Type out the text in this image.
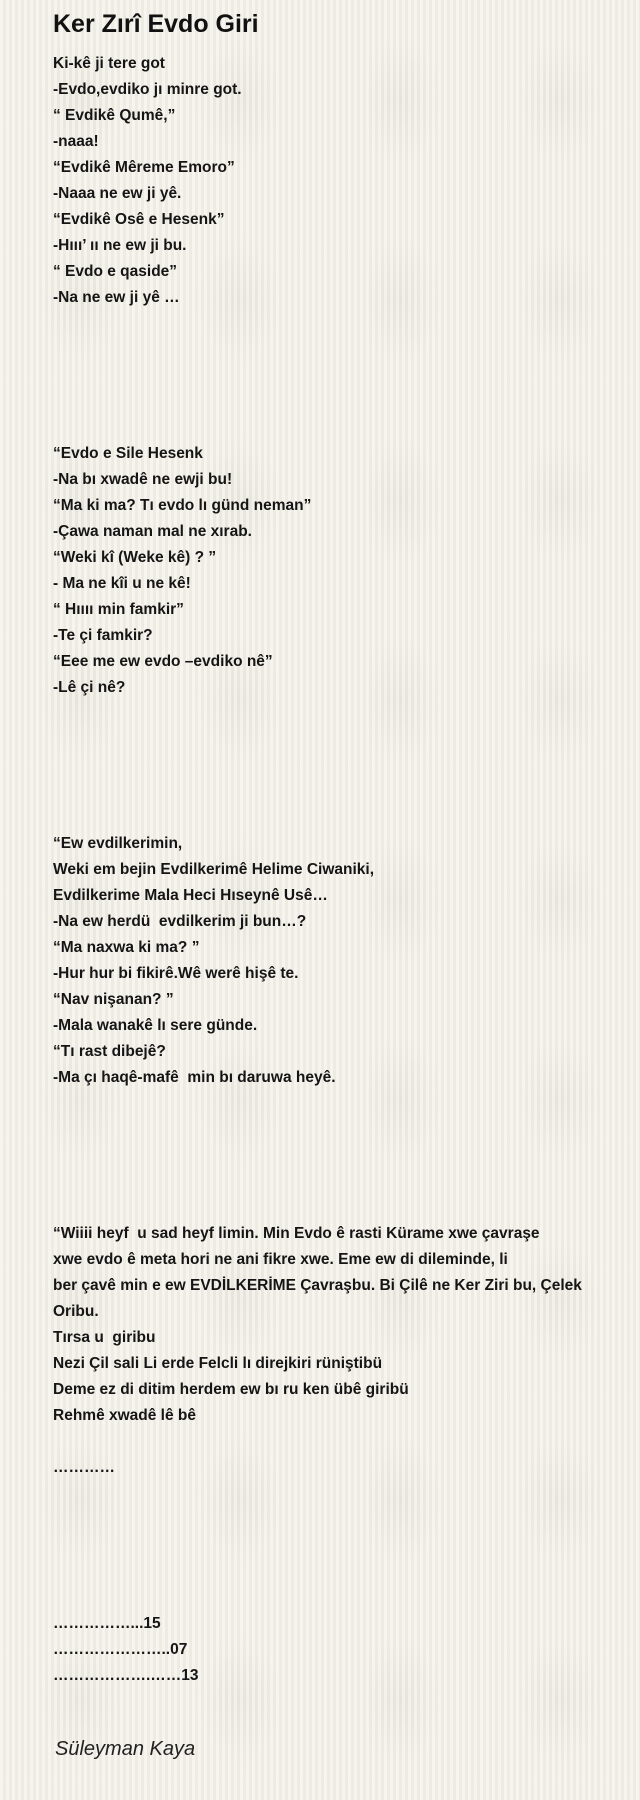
Ker Zırî Evdo Giri
Ki-kê ji tere got
-Evdo,evdiko jı minre got.
“ Evdikê Qumê,”
-naaa!
“Evdikê Mêreme Emoro”
-Naaa ne ew ji yê.
“Evdikê Osê e Hesenk”
-Hııı’ ıı ne ew ji bu.
“ Evdo e qaside”
-Na ne ew ji yê …
“Evdo e Sile Hesenk
-Na bı xwadê ne ewji bu!
“Ma ki ma? Tı evdo lı günd neman”
-Çawa naman mal ne xırab.
“Weki kî (Weke kê) ? ”
- Ma ne kîi u ne kê!
“ Hıııı min famkir”
-Te çi famkir?
“Eee me ew evdo –evdiko nê”
-Lê çi nê?
“Ew evdilkerimin,
Weki em bejin Evdilkerimê Helime Ciwaniki,
Evdilkerime Mala Heci Hıseynê Usê…
-Na ew herdü  evdilkerim ji bun…?
“Ma naxwa ki ma? ”
-Hur hur bi fikirê.Wê werê hişê te.
“Nav nişanan? ”
-Mala wanakê lı sere günde.
“Tı rast dibejê?
-Ma çı haqê-mafê  min bı daruwa heyê.
“Wiiii heyf  u sad heyf limin. Min Evdo ê rasti Kürame xwe çavraşe
xwe evdo ê meta hori ne ani fikre xwe. Eme ew di dileminde, li
ber çavê min e ew EVDİLKERİME Çavraşbu. Bi Çilê ne Ker Ziri bu, Çelek
Oribu.
Tırsa u  giribu
Nezi Çil sali Li erde Felcli lı direjkiri rüniştibü
Deme ez di ditim herdem ew bı ru ken übê giribü
Rehmê xwadê lê bê
…………
……………...15
…………………..07
……………….……13
Süleyman Kaya
